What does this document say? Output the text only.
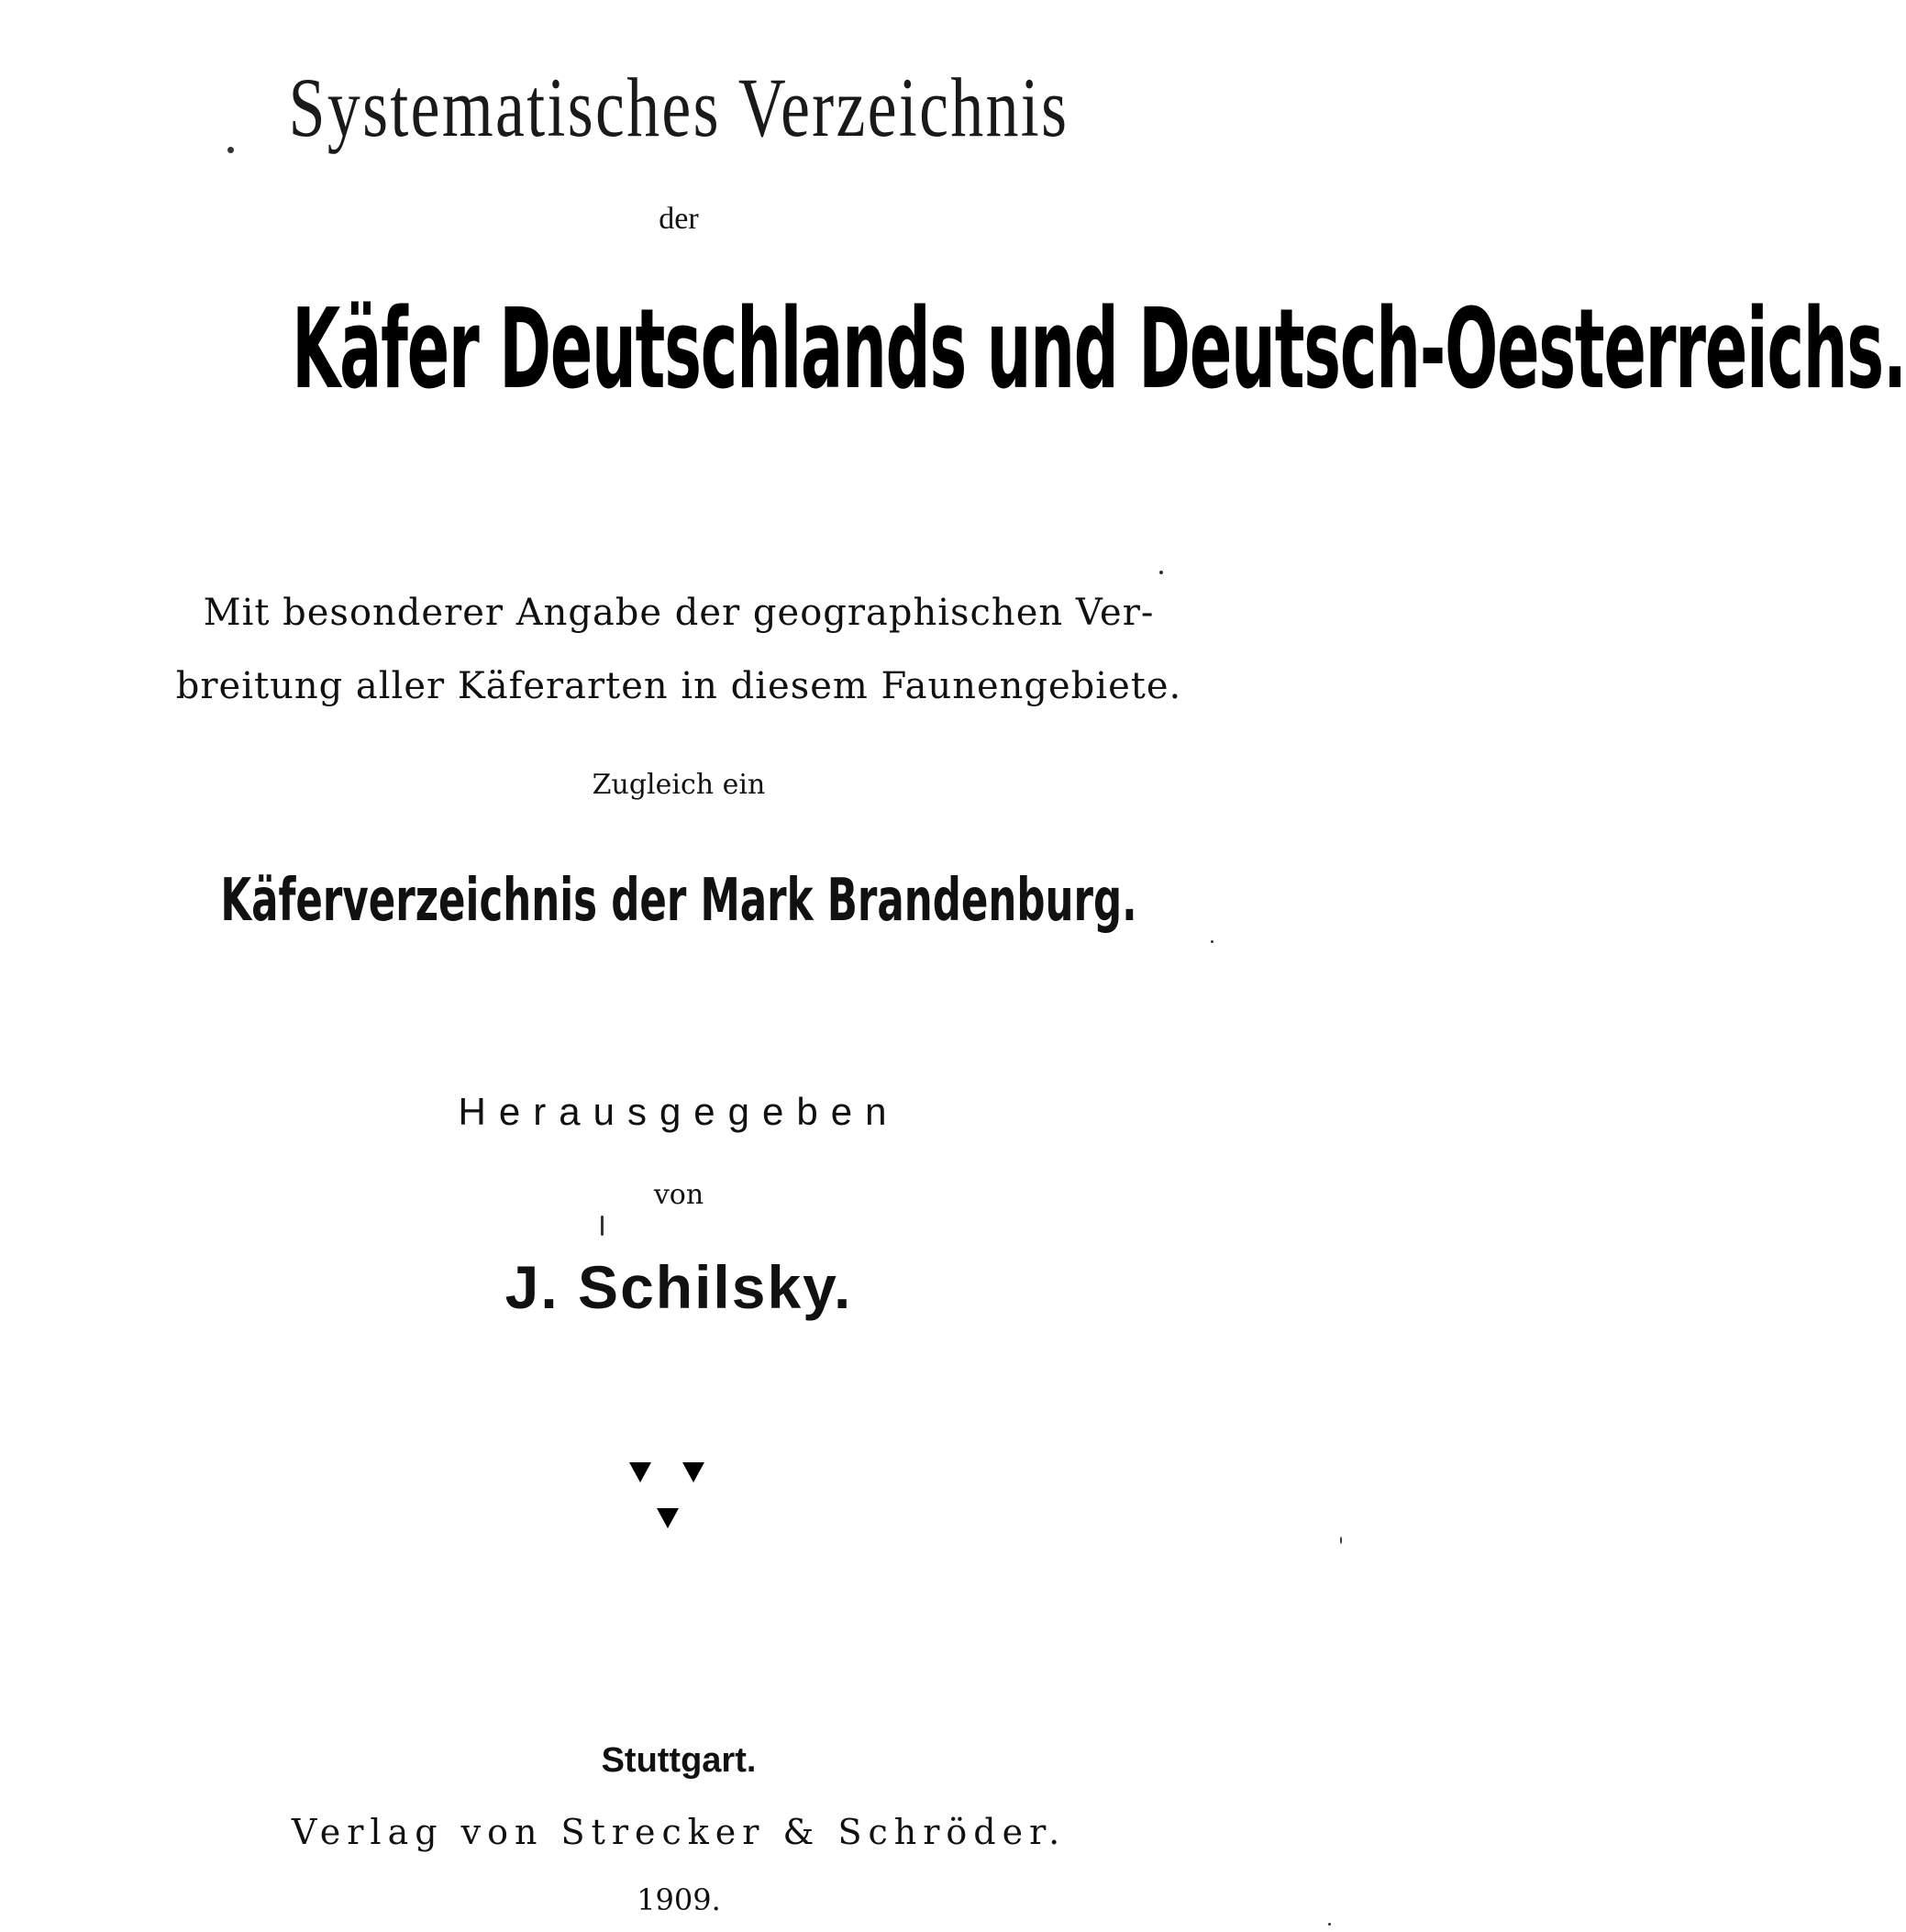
Systematisches Verzeichnis
der
Käfer Deutschlands und Deutsch-Oesterreichs.
Mit besonderer Angabe der geographischen Ver-
breitung aller Käferarten in diesem Faunengebiete.
Zugleich ein
Käferverzeichnis der Mark Brandenburg.
Herausgegeben
von
J. Schilsky.
Stuttgart.
Verlag von Strecker & Schröder.
1909.
